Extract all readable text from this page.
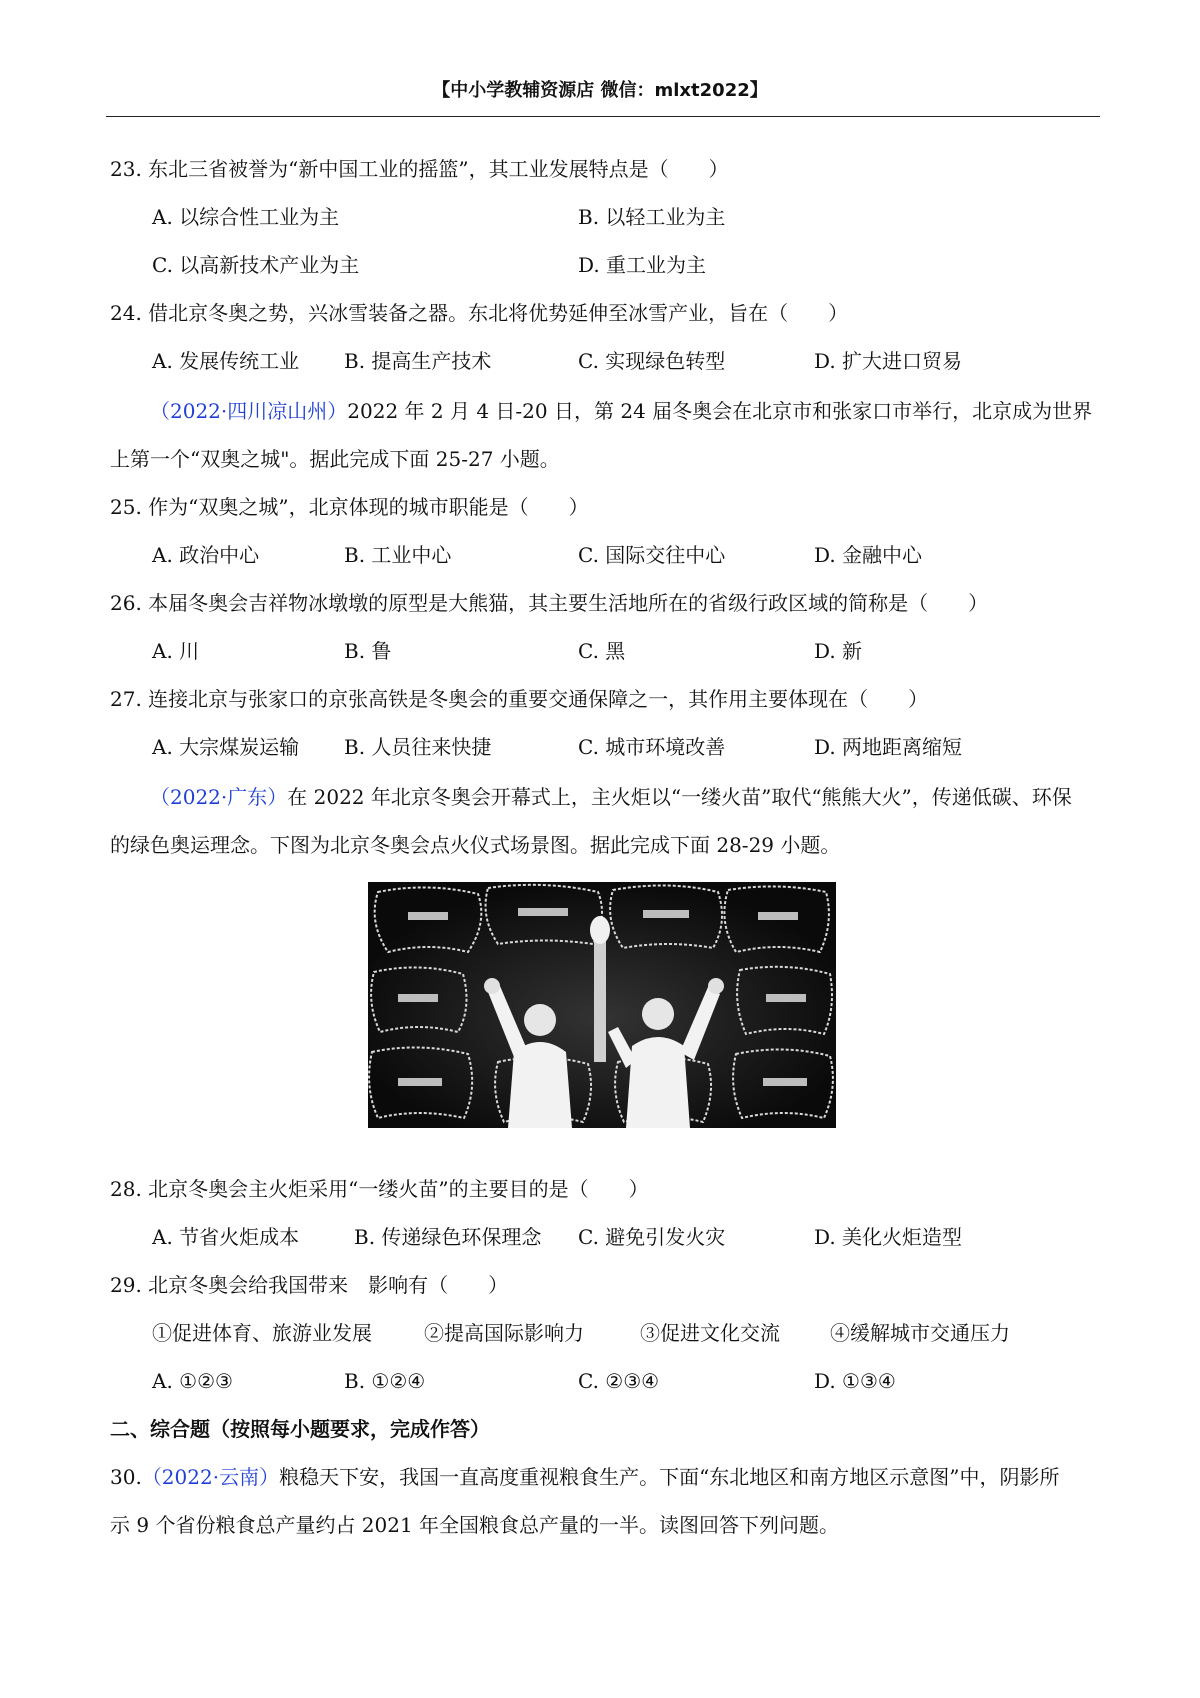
【中小学教辅资源店 微信：mlxt2022】
23. 东北三省被誉为“新中国工业的摇篮”，其工业发展特点是（　　）
A. 以综合性工业为主	B. 以轻工业为主
C. 以高新技术产业为主	D. 重工业为主
24. 借北京冬奥之势，兴冰雪装备之器。东北将优势延伸至冰雪产业，旨在（　　）
A. 发展传统工业 B. 提高生产技术	C. 实现绿色转型	D. 扩大进口贸易
（2022·四川凉山州）2022 年 2 月 4 日-20 日，第 24 届冬奥会在北京市和张家口市举行，北京成为世界
上第一个“双奥之城"。据此完成下面 25-27 小题。
25. 作为“双奥之城”，北京体现的城市职能是（　　）
A. 政治中心	B. 工业中心	C. 国际交往中心	D. 金融中心
26. 本届冬奥会吉祥物冰墩墩的原型是大熊猫，其主要生活地所在的省级行政区域的简称是（　　）
A. 川	B. 鲁	C. 黑	D. 新
27. 连接北京与张家口的京张高铁是冬奥会的重要交通保障之一，其作用主要体现在（　　）
A. 大宗煤炭运输 B. 人员往来快捷	C. 城市环境改善	D. 两地距离缩短
（2022·广东）在 2022 年北京冬奥会开幕式上，主火炬以“一缕火苗”取代“熊熊大火”，传递低碳、环保
的绿色奥运理念。下图为北京冬奥会点火仪式场景图。据此完成下面 28-29 小题。
28. 北京冬奥会主火炬采用“一缕火苗”的主要目的是（　　）
A. 节省火炬成本	B. 传递绿色环保理念 C. 避免引发火灾	D. 美化火炬造型
29. 北京冬奥会给我国带来　影响有（　　）
①促进体育、旅游业发展	②提高国际影响力	③促进文化交流	④缓解城市交通压力
A. ①②③	B. ①②④	C. ②③④	D. ①③④
二、综合题（按照每小题要求，完成作答）
30.（2022·云南）粮稳天下安，我国一直高度重视粮食生产。下面“东北地区和南方地区示意图”中，阴影所
示 9 个省份粮食总产量约占 2021 年全国粮食总产量的一半。读图回答下列问题。
